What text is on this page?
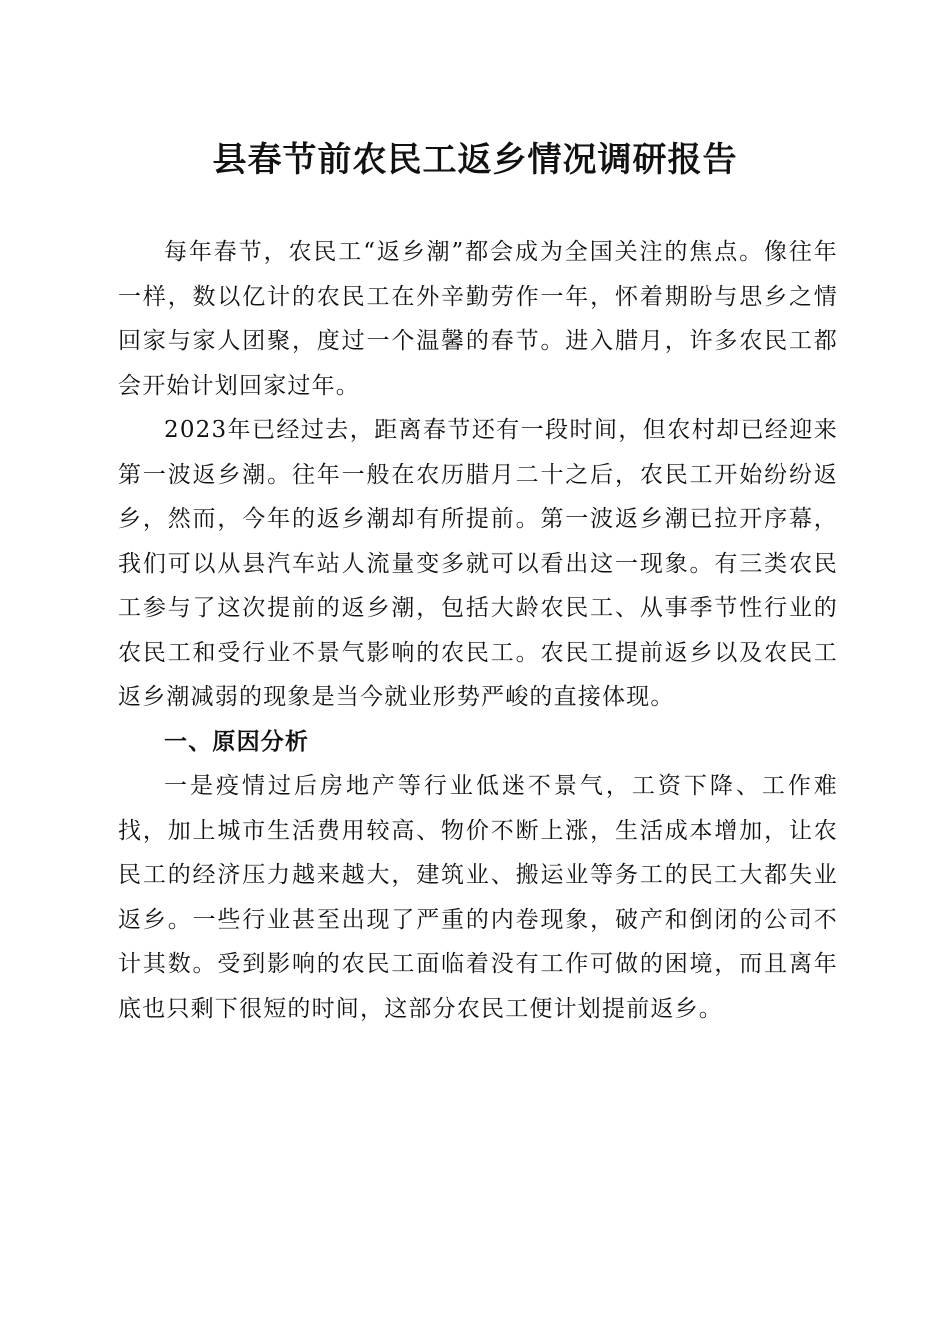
县春节前农民工返乡情况调研报告

每年春节，农民工“返乡潮”都会成为全国关注的焦点。像往年一样，数以亿计的农民工在外辛勤劳作一年，怀着期盼与思乡之情回家与家人团聚，度过一个温馨的春节。进入腊月，许多农民工都会开始计划回家过年。

2023年已经过去，距离春节还有一段时间，但农村却已经迎来第一波返乡潮。往年一般在农历腊月二十之后，农民工开始纷纷返乡，然而，今年的返乡潮却有所提前。第一波返乡潮已拉开序幕，我们可以从县汽车站人流量变多就可以看出这一现象。有三类农民工参与了这次提前的返乡潮，包括大龄农民工、从事季节性行业的农民工和受行业不景气影响的农民工。农民工提前返乡以及农民工返乡潮减弱的现象是当今就业形势严峻的直接体现。

一、原因分析

一是疫情过后房地产等行业低迷不景气，工资下降、工作难找，加上城市生活费用较高、物价不断上涨，生活成本增加，让农民工的经济压力越来越大，建筑业、搬运业等务工的民工大都失业返乡。一些行业甚至出现了严重的内卷现象，破产和倒闭的公司不计其数。受到影响的农民工面临着没有工作可做的困境，而且离年底也只剩下很短的时间，这部分农民工便计划提前返乡。
